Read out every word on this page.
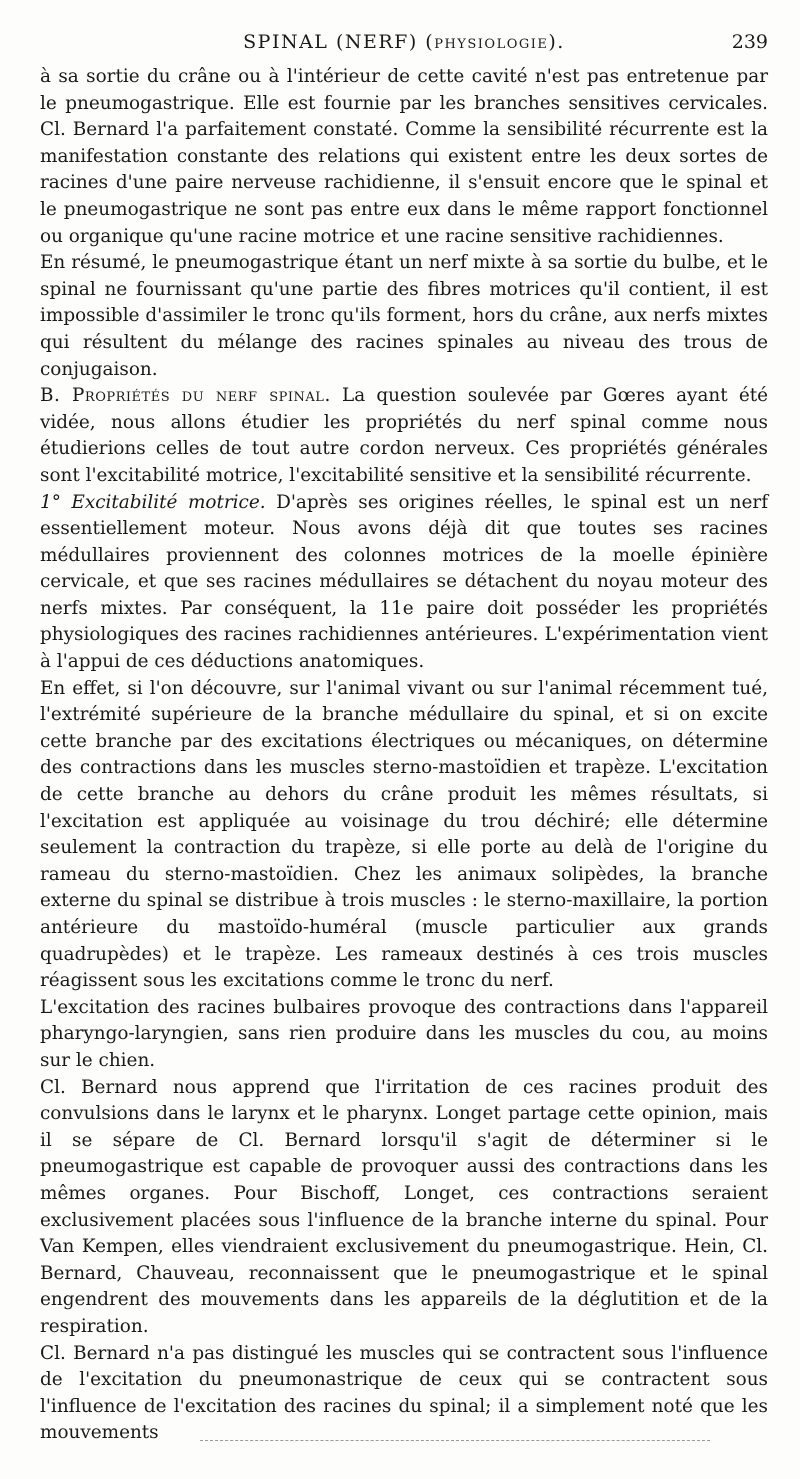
SPINAL (NERF) (PHYSIOLOGIE).	239

à sa sortie du crâne ou à l'intérieur de cette cavité n'est pas entretenue par le pneumogastrique. Elle est fournie par les branches sensitives cervicales. Cl. Bernard l'a parfaitement constaté. Comme la sensibilité récurrente est la manifestation constante des relations qui existent entre les deux sortes de racines d'une paire nerveuse rachidienne, il s'ensuit encore que le spinal et le pneumogastrique ne sont pas entre eux dans le même rapport fonctionnel ou organique qu'une racine motrice et une racine sensitive rachidiennes.

En résumé, le pneumogastrique étant un nerf mixte à sa sortie du bulbe, et le spinal ne fournissant qu'une partie des fibres motrices qu'il contient, il est impossible d'assimiler le tronc qu'ils forment, hors du crâne, aux nerfs mixtes qui résultent du mélange des racines spinales au niveau des trous de conjugaison.

B. Propriétés du nerf spinal. La question soulevée par Gœres ayant été vidée, nous allons étudier les propriétés du nerf spinal comme nous étudierions celles de tout autre cordon nerveux. Ces propriétés générales sont l'excitabilité motrice, l'excitabilité sensitive et la sensibilité récurrente.

1° Excitabilité motrice. D'après ses origines réelles, le spinal est un nerf essentiellement moteur. Nous avons déjà dit que toutes ses racines médullaires proviennent des colonnes motrices de la moelle épinière cervicale, et que ses racines médullaires se détachent du noyau moteur des nerfs mixtes. Par conséquent, la 11e paire doit posséder les propriétés physiologiques des racines rachidiennes antérieures. L'expérimentation vient à l'appui de ces déductions anatomiques.

En effet, si l'on découvre, sur l'animal vivant ou sur l'animal récemment tué, l'extrémité supérieure de la branche médullaire du spinal, et si on excite cette branche par des excitations électriques ou mécaniques, on détermine des contractions dans les muscles sterno-mastoïdien et trapèze. L'excitation de cette branche au dehors du crâne produit les mêmes résultats, si l'excitation est appliquée au voisinage du trou déchiré; elle détermine seulement la contraction du trapèze, si elle porte au delà de l'origine du rameau du sterno-mastoïdien. Chez les animaux solipèdes, la branche externe du spinal se distribue à trois muscles : le sterno-maxillaire, la portion antérieure du mastoïdo-huméral (muscle particulier aux grands quadrupèdes) et le trapèze. Les rameaux destinés à ces trois muscles réagissent sous les excitations comme le tronc du nerf.

L'excitation des racines bulbaires provoque des contractions dans l'appareil pharyngo-laryngien, sans rien produire dans les muscles du cou, au moins sur le chien.

Cl. Bernard nous apprend que l'irritation de ces racines produit des convulsions dans le larynx et le pharynx. Longet partage cette opinion, mais il se sépare de Cl. Bernard lorsqu'il s'agit de déterminer si le pneumogastrique est capable de provoquer aussi des contractions dans les mêmes organes. Pour Bischoff, Longet, ces contractions seraient exclusivement placées sous l'influence de la branche interne du spinal. Pour Van Kempen, elles viendraient exclusivement du pneumogastrique. Hein, Cl. Bernard, Chauveau, reconnaissent que le pneumogastrique et le spinal engendrent des mouvements dans les appareils de la déglutition et de la respiration.

Cl. Bernard n'a pas distingué les muscles qui se contractent sous l'influence de l'excitation du pneumonastrique de ceux qui se contractent sous l'influence de l'excitation des racines du spinal; il a simplement noté que les mouvements
